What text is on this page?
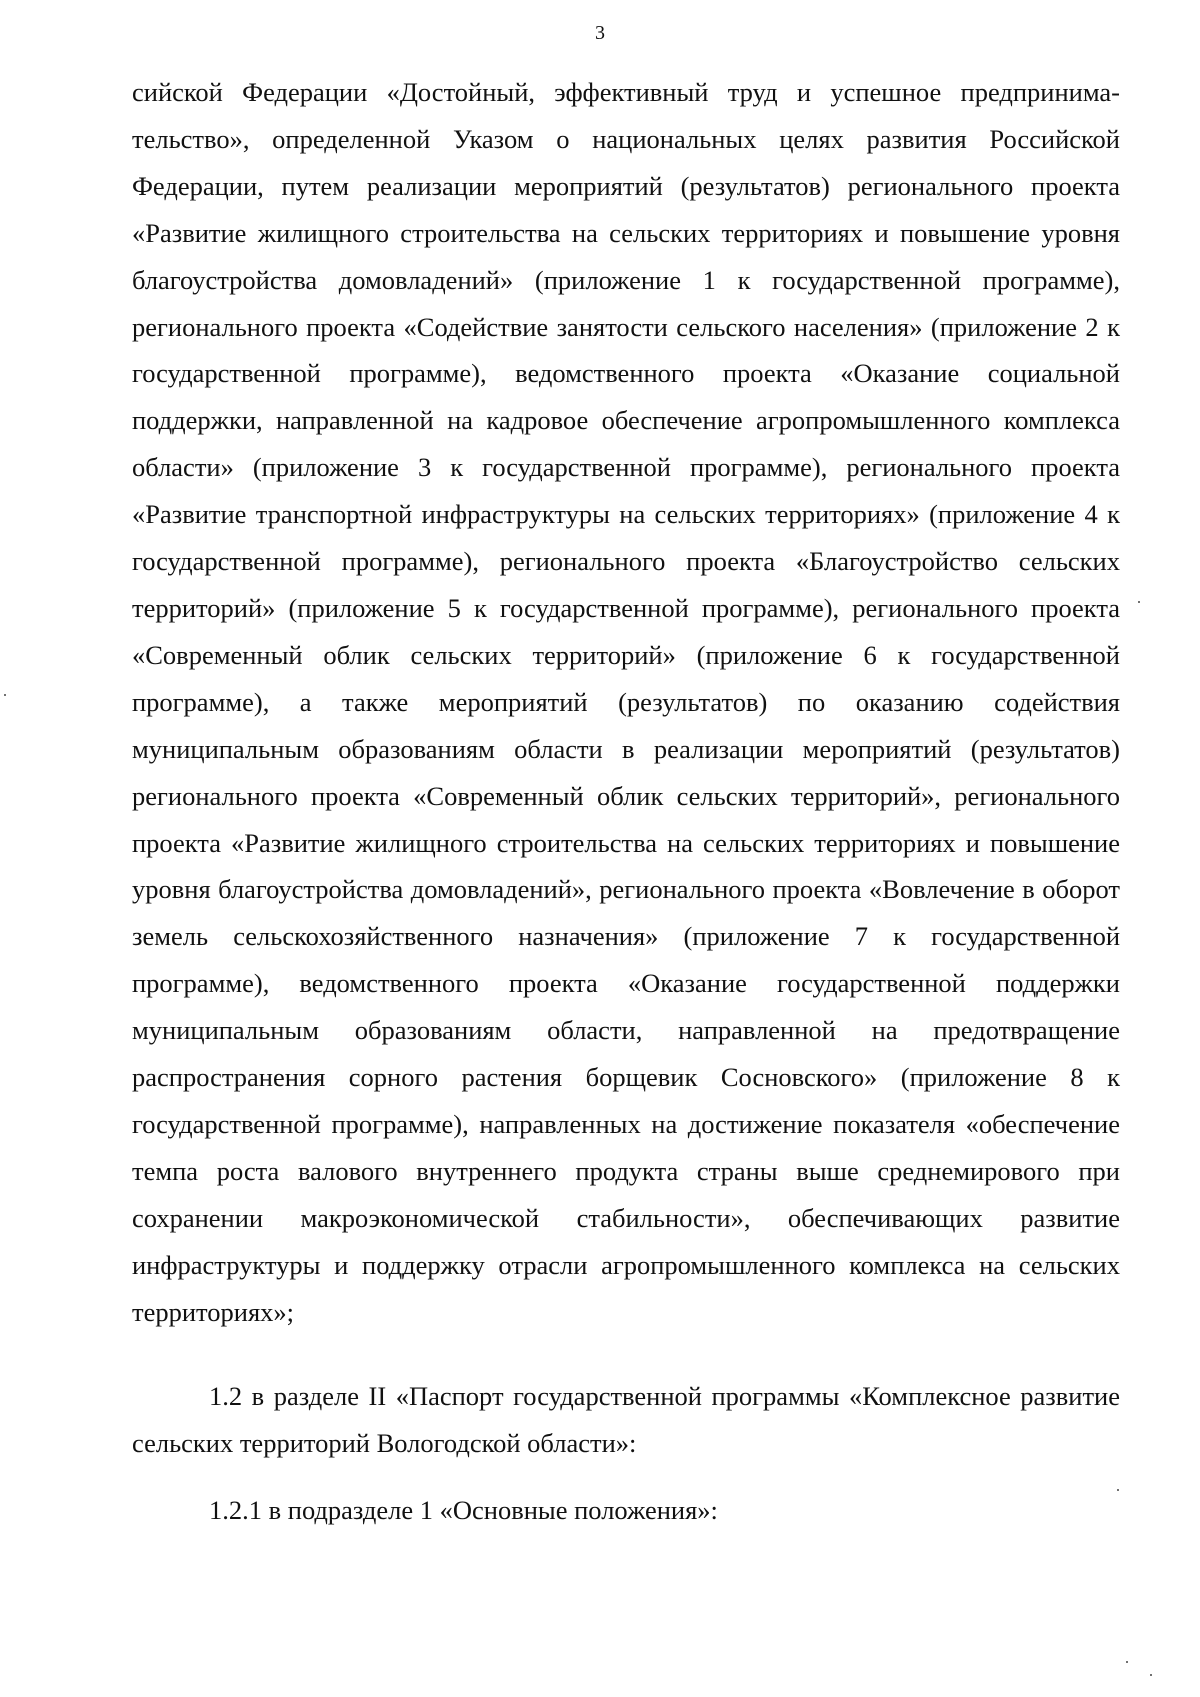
3

сийской Федерации «Достойный, эффективный труд и успешное предпринимательство», определенной Указом о национальных целях развития Российской Федерации, путем реализации мероприятий (результатов) регионального проекта «Развитие жилищного строительства на сельских территориях и повышение уровня благоустройства домовладений» (приложение 1 к государственной программе), регионального проекта «Содействие занятости сельского населения» (приложение 2 к государственной программе), ведомственного проекта «Оказание социальной поддержки, направленной на кадровое обеспечение агропромышленного комплекса области» (приложение 3 к государственной программе), регионального проекта «Развитие транспортной инфраструктуры на сельских территориях» (приложение 4 к государственной программе), регионального проекта «Благоустройство сельских территорий» (приложение 5 к государственной программе), регионального проекта «Современный облик сельских территорий» (приложение 6 к государственной программе), а также мероприятий (результатов) по оказанию содействия муниципальным образованиям области в реализации мероприятий (результатов) регионального проекта «Современный облик сельских территорий», регионального проекта «Развитие жилищного строительства на сельских территориях и повышение уровня благоустройства домовладений», регионального проекта «Вовлечение в оборот земель сельскохозяйственного назначения» (приложение 7 к государственной программе), ведомственного проекта «Оказание государственной поддержки муниципальным образованиям области, направленной на предотвращение распространения сорного растения борщевик Сосновского» (приложение 8 к государственной программе), направленных на достижение показателя «обеспечение темпа роста валового внутреннего продукта страны выше среднемирового при сохранении макроэкономической стабильности», обеспечивающих развитие инфраструктуры и поддержку отрасли агропромышленного комплекса на сельских территориях»;

1.2 в разделе II «Паспорт государственной программы «Комплексное развитие сельских территорий Вологодской области»:

1.2.1 в подразделе 1 «Основные положения»:
